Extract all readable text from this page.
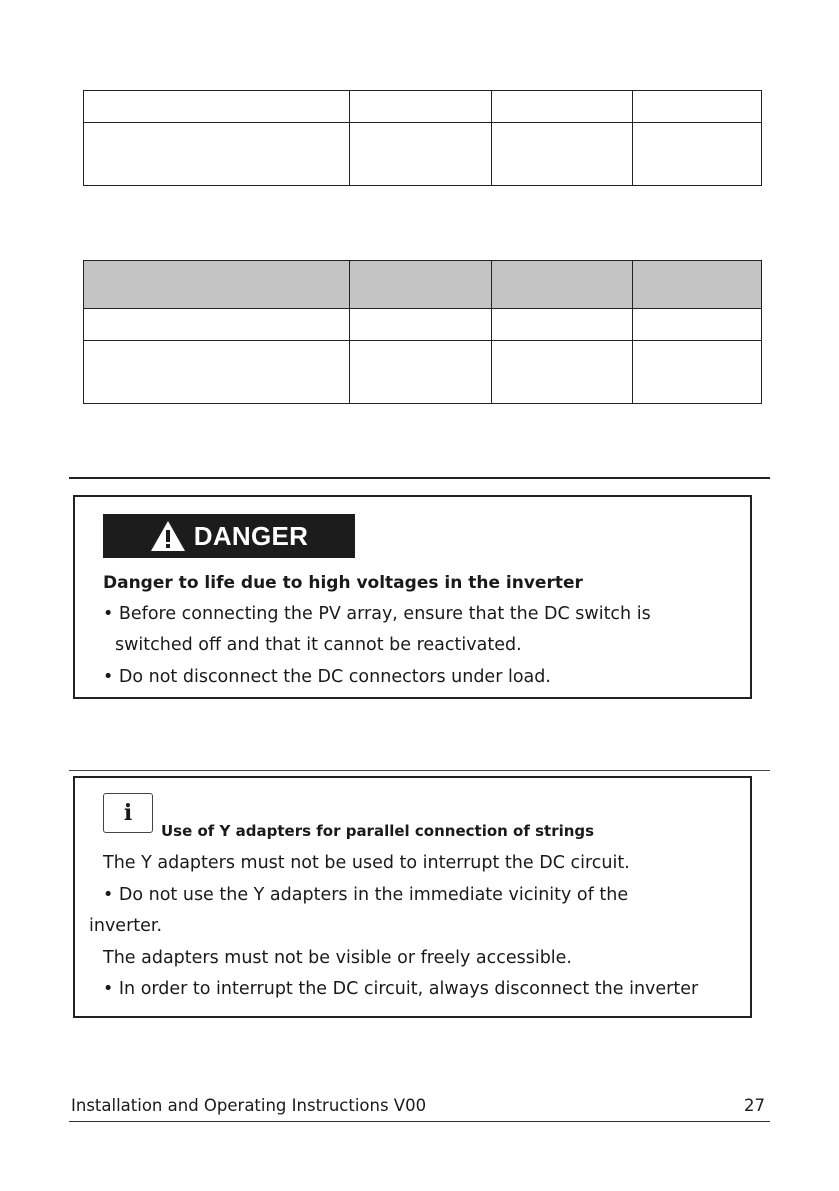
DANGER
Danger to life due to high voltages in the inverter
• Before connecting the PV array, ensure that the DC switch is
switched off and that it cannot be reactivated.
• Do not disconnect the DC connectors under load.
i
Use of Y adapters for parallel connection of strings
The Y adapters must not be used to interrupt the DC circuit.
• Do not use the Y adapters in the immediate vicinity of the
inverter.
The adapters must not be visible or freely accessible.
• In order to interrupt the DC circuit, always disconnect the inverter
Installation and Operating Instructions V00	27
